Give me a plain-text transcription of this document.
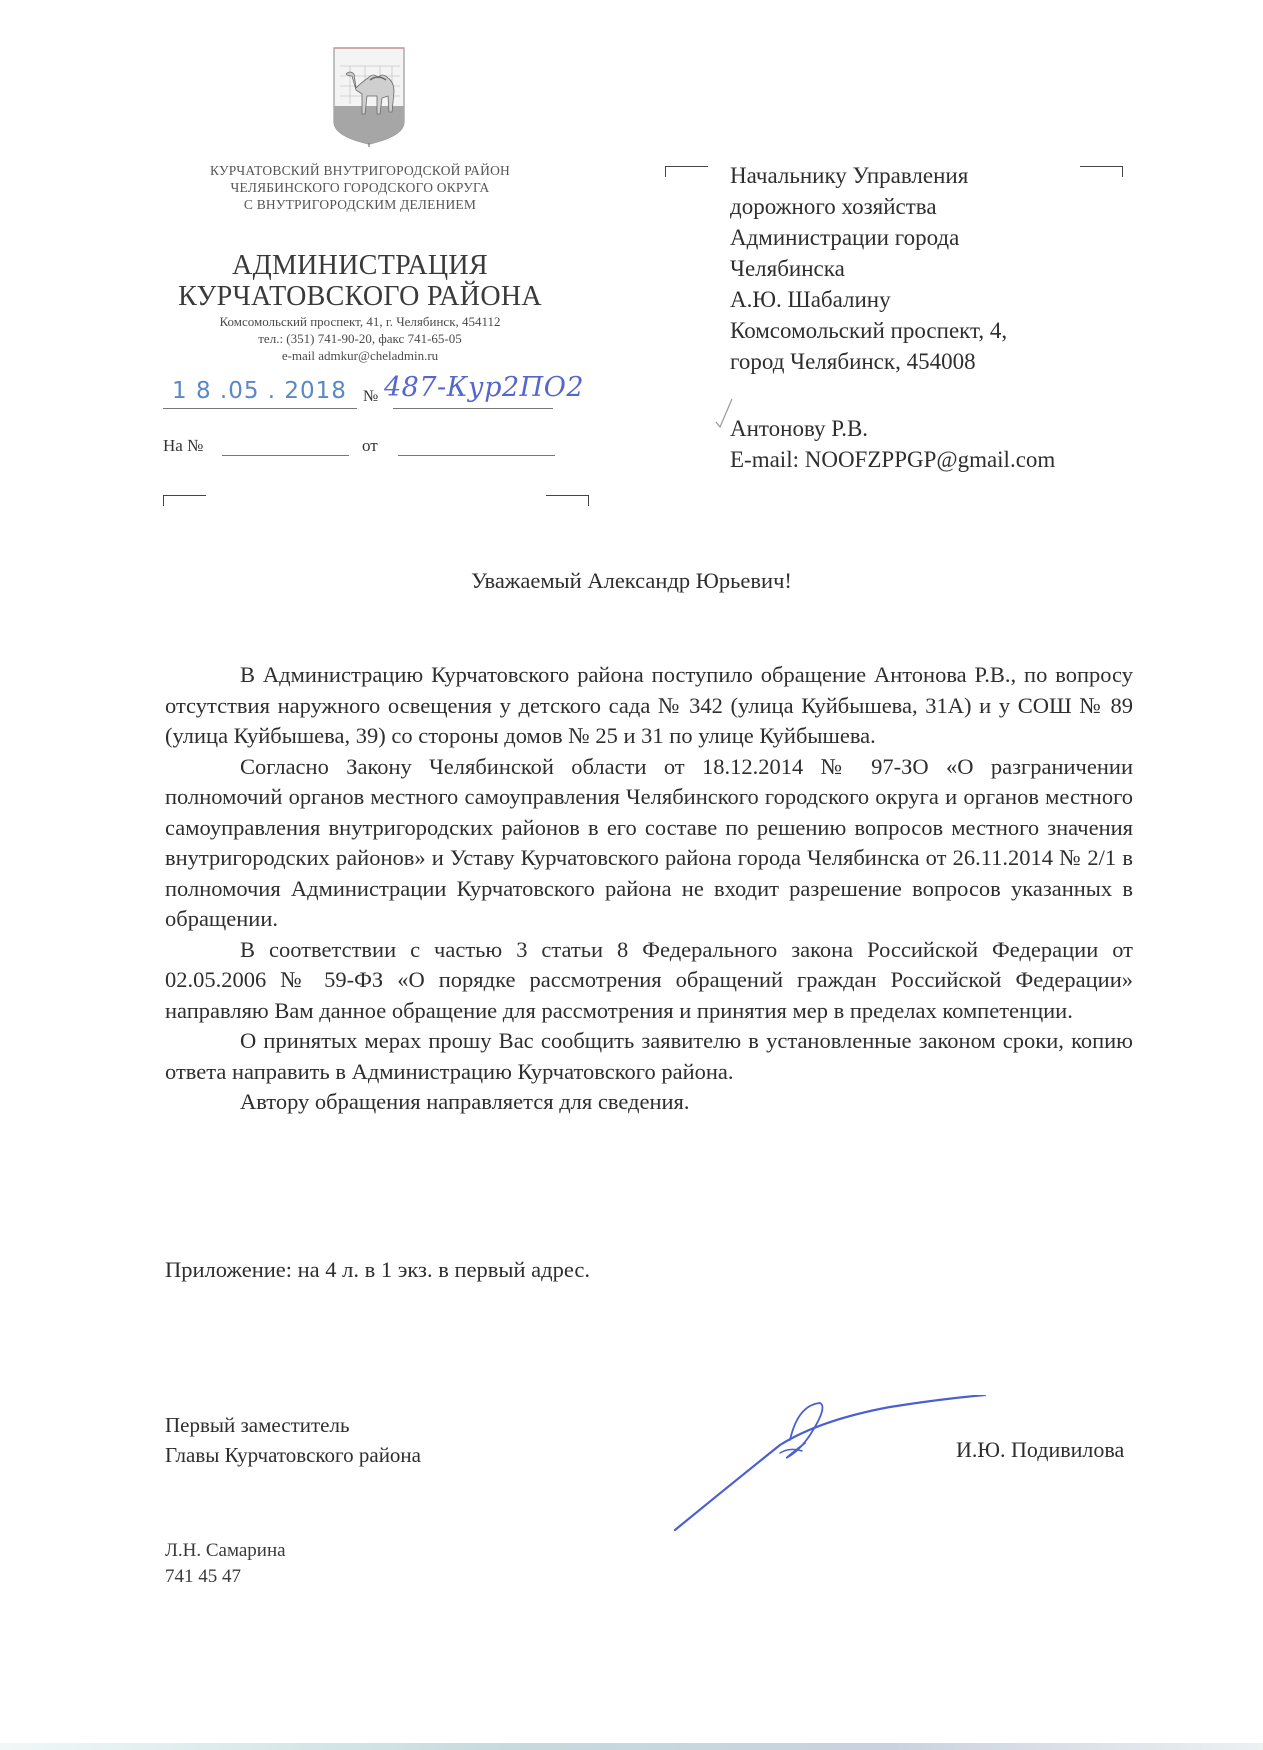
КУРЧАТОВСКИЙ ВНУТРИГОРОДСКОЙ РАЙОН
ЧЕЛЯБИНСКОГО ГОРОДСКОГО ОКРУГА
С ВНУТРИГОРОДСКИМ ДЕЛЕНИЕМ
АДМИНИСТРАЦИЯ
КУРЧАТОВСКОГО РАЙОНА
Комсомольский проспект, 41, г. Челябинск, 454112
тел.: (351) 741-90-20, факс 741-65-05
e-mail admkur@cheladmin.ru
1 8 .05 . 2018 № 487-Кур2ПО2
На №	от
Начальнику Управления
дорожного хозяйства
Администрации города
Челябинска
А.Ю. Шабалину
Комсомольский проспект, 4,
город Челябинск, 454008
Антонову Р.В.
E-mail: NOOFZPPGP@gmail.com
Уважаемый Александр Юрьевич!

В Администрацию Курчатовского района поступило обращение Антонова Р.В., по вопросу отсутствия наружного освещения у детского сада № 342 (улица Куйбышева, 31А) и у СОШ № 89 (улица Куйбышева, 39) со стороны домов № 25 и 31 по улице Куйбышева.

Согласно Закону Челябинской области от 18.12.2014 № 97-ЗО «О разграничении полномочий органов местного самоуправления Челябинского городского округа и органов местного самоуправления внутригородских районов в его составе по решению вопросов местного значения внутригородских районов» и Уставу Курчатовского района города Челябинска от 26.11.2014 № 2/1 в полномочия Администрации Курчатовского района не входит разрешение вопросов указанных в обращении.

В соответствии с частью 3 статьи 8 Федерального закона Российской Федерации от 02.05.2006 № 59-ФЗ «О порядке рассмотрения обращений граждан Российской Федерации» направляю Вам данное обращение для рассмотрения и принятия мер в пределах компетенции.

О принятых мерах прошу Вас сообщить заявителю в установленные законом сроки, копию ответа направить в Администрацию Курчатовского района.

Автору обращения направляется для сведения.

Приложение: на 4 л. в 1 экз. в первый адрес.
Первый заместитель
Главы Курчатовского района	И.Ю. Подивилова
Л.Н. Самарина
741 45 47
